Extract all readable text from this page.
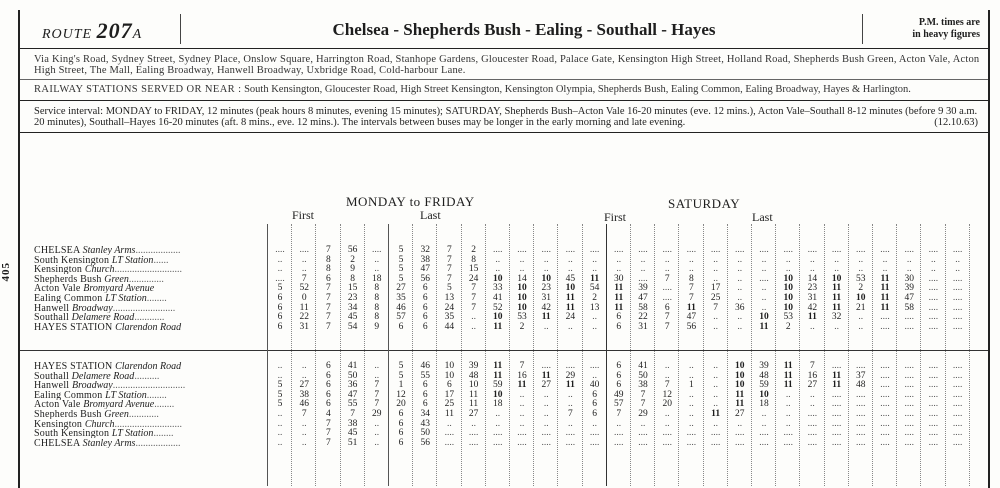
405
ROUTE 207A	Chelsea - Shepherds Bush - Ealing - Southall - Hayes	P.M. times are
in heavy figures
Via King's Road, Sydney Street, Sydney Place, Onslow Square, Harrington Road, Stanhope Gardens, Gloucester Road, Palace Gate, Kensington High Street, Holland Road, Shepherds Bush Green, Acton Vale, Acton High Street, The Mall, Ealing Broadway, Hanwell Broadway, Uxbridge Road, Cold-harbour Lane.
RAILWAY STATIONS SERVED OR NEAR : South Kensington, Gloucester Road, High Street Kensington, Kensington Olympia, Shepherds Bush, Ealing Common, Ealing Broadway, Hayes & Harlington.
Service interval: MONDAY to FRIDAY, 12 minutes (peak hours 8 minutes, evening 15 minutes); SATURDAY, Shepherds Bush–Acton Vale 16-20 minutes (eve. 12 mins.), Acton Vale–Southall 8-12 minutes (before 9 30 a.m. 20 minutes), Southall–Hayes 16-20 minutes (aft. 8 mins., eve. 12 mins.). The intervals between buses may be longer in the early morning and late evening.	(12.10.63)
MONDAY to FRIDAY	SATURDAY
First	Last	First	Last
CHELSEA Stanley Arms..................	....	....	7	56	....	5	32	7	2	....	....	....	....	....	....	....	....	....	....	....	....	....	....	....	....	....	....	....	....
South Kensington LT Station......	..	..	8	2	..	5	38	7	8	..	..	..	..	..	..	..	..	..	..	..	..	..	..	..	..	..	..	..	..
Kensington Church...........................	..	..	8	9	..	5	47	7	15	..	..	..	..	..	..	..	..	..	..	..	..	..	..	..	..	..	..	..	..
Shepherds Bush Green..............	....	7	6	8	18	5	56	7	24	10	14	10	45	11	30	....	7	8	..	..	....	10	14	10	53	11	30	....	....
Acton Vale Bromyard Avenue	5	52	7	15	8	27	6	5	7	33	10	23	10	54	11	39	....	7	17	..	..	10	23	11	2	11	39	....	....
Ealing Common LT Station........	6	0	7	23	8	35	6	13	7	41	10	31	11	2	11	47	....	7	25	..	..	10	31	11	10	11	47	....	....
Hanwell Broadway.........................	6	11	7	34	8	46	6	24	7	52	10	42	11	13	11	58	6	11	7	36	..	10	42	11	21	11	58	....	....
Southall Delamere Road............	6	22	7	45	8	57	6	35	..	10	53	11	24	..	6	22	7	47	..	..	10	53	11	32	..	....	....	....	....
HAYES STATION Clarendon Road	6	31	7	54	9	6	6	44	..	11	2	..	..	..	6	31	7	56	..	..	11	2	..	..	..	....	....	....	....
HAYES STATION Clarendon Road	..	..	6	41	..	5	46	10	39	11	7	....	....	....	6	41	..	..	..	10	39	11	7	....	....	....	....	....	....
Southall Delamere Road..........	..	..	6	50	..	5	55	10	48	11	16	11	29	..	6	50	..	..	..	10	48	11	16	11	37	....	....	....	....
Hanwell Broadway.............................	5	27	6	36	7	1	6	6	10	59	11	27	11	40	6	38	7	1	..	10	59	11	27	11	48	....	....	....	....
Ealing Common LT Station........	5	38	6	47	7	12	6	17	11	10	..	..	..	6	49	7	12	..	..	11	10	..	..	....	....	....	....	....	....
Acton Vale Bromyard Avenue........	5	46	6	55	7	20	6	25	11	18	..	..	..	6	57	7	20	..	..	11	18	..	..	....	....	....	....	....	....
Shepherds Bush Green............	..	7	4	7	29	6	34	11	27	..	..	..	7	6	7	29	..	..	11	27	..	..	....	....	....	....	....	....	....
Kensington Church...........................	..	..	7	38	..	6	43	..	..	..	..	..	..	..	..	..	..	..	..	..	..	..	....	....	....	....	....	....	....
South Kensington LT Station........	..	..	7	45	..	6	50	....	....	....	....	....	....	....	....	....	....	....	....	....	....	....	....	....	....	....	....	....	....
CHELSEA Stanley Arms..................	..	..	7	51	..	6	56	....	....	....	....	....	....	....	....	....	....	....	....	....	....	....	....	....	....	....	....	....	....
